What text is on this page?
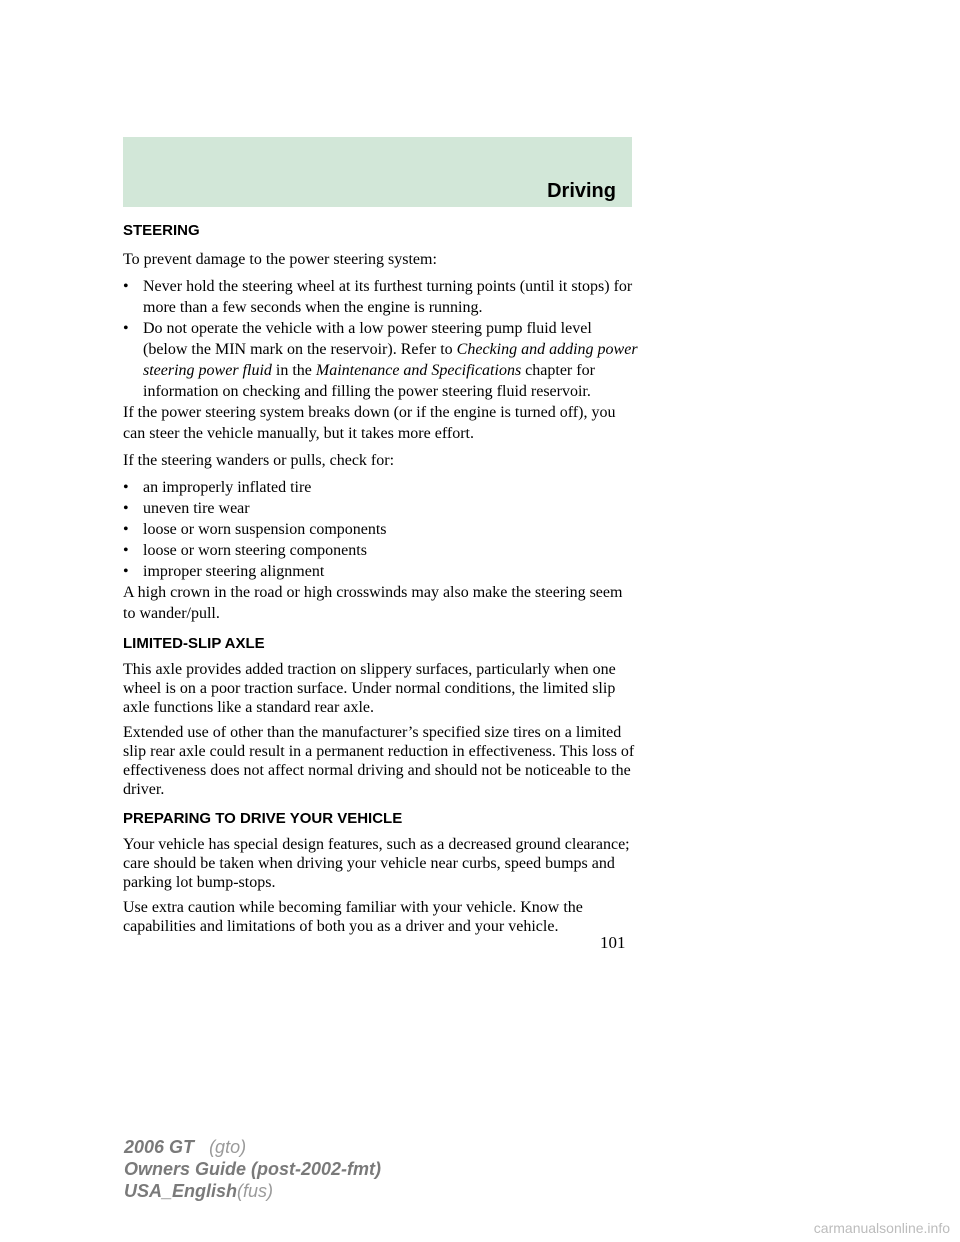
Driving

STEERING

To prevent damage to the power steering system:

• Never hold the steering wheel at its furthest turning points (until it stops) for more than a few seconds when the engine is running.
• Do not operate the vehicle with a low power steering pump fluid level (below the MIN mark on the reservoir). Refer to Checking and adding power steering power fluid in the Maintenance and Specifications chapter for information on checking and filling the power steering fluid reservoir.

If the power steering system breaks down (or if the engine is turned off), you can steer the vehicle manually, but it takes more effort.

If the steering wanders or pulls, check for:

• an improperly inflated tire
• uneven tire wear
• loose or worn suspension components
• loose or worn steering components
• improper steering alignment

A high crown in the road or high crosswinds may also make the steering seem to wander/pull.

LIMITED-SLIP AXLE

This axle provides added traction on slippery surfaces, particularly when one wheel is on a poor traction surface. Under normal conditions, the limited slip axle functions like a standard rear axle.

Extended use of other than the manufacturer’s specified size tires on a limited slip rear axle could result in a permanent reduction in effectiveness. This loss of effectiveness does not affect normal driving and should not be noticeable to the driver.

PREPARING TO DRIVE YOUR VEHICLE

Your vehicle has special design features, such as a decreased ground clearance; care should be taken when driving your vehicle near curbs, speed bumps and parking lot bump-stops.

Use extra caution while becoming familiar with your vehicle. Know the capabilities and limitations of both you as a driver and your vehicle.

101
2006 GT (gto)
Owners Guide (post-2002-fmt)
USA_English(fus)
carmanualsonline.info
